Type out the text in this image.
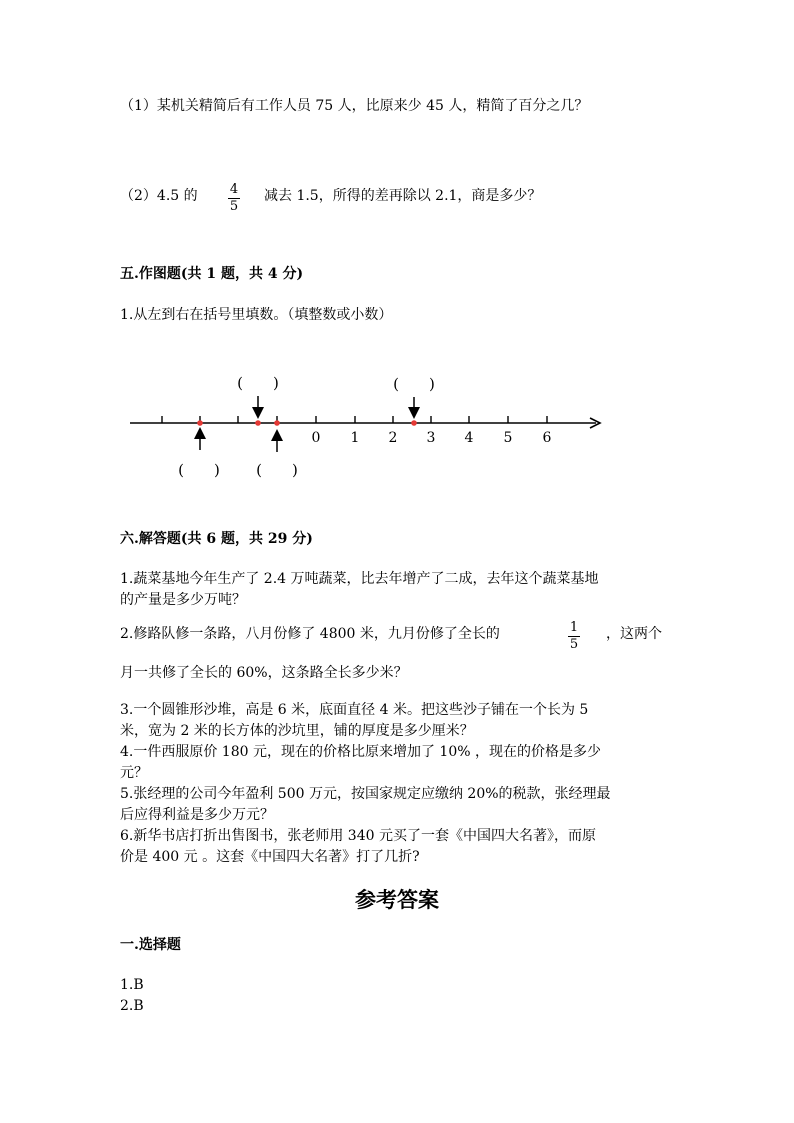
（1）某机关精简后有工作人员 75 人，比原来少 45 人，精简了百分之几？
（2）4.5 的	4
5
减去 1.5，所得的差再除以 2.1，商是多少？
五.作图题(共 1 题，共 4 分)
1.从左到右在括号里填数。（填整数或小数）
0 1 2 3 4 5 6
(　　)	(　　)
(　　) (　　)
六.解答题(共 6 题，共 29 分)
1.蔬菜基地今年生产了 2.4 万吨蔬菜，比去年增产了二成，去年这个蔬菜基地
的产量是多少万吨？
2.修路队修一条路，八月份修了 4800 米，九月份修了全长的	1
5
，这两个
月一共修了全长的 60%，这条路全长多少米？
3.一个圆锥形沙堆，高是 6 米，底面直径 4 米。把这些沙子铺在一个长为 5
米，宽为 2 米的长方体的沙坑里，铺的厚度是多少厘米？
4.一件西服原价 180 元，现在的价格比原来增加了 10% ，现在的价格是多少
元？
5.张经理的公司今年盈利 500 万元，按国家规定应缴纳 20%的税款，张经理最
后应得利益是多少万元？
6.新华书店打折出售图书，张老师用 340 元买了一套《中国四大名著》，而原
价是 400 元 。这套《中国四大名著》打了几折?
参考答案
一.选择题
1.B
2.B
